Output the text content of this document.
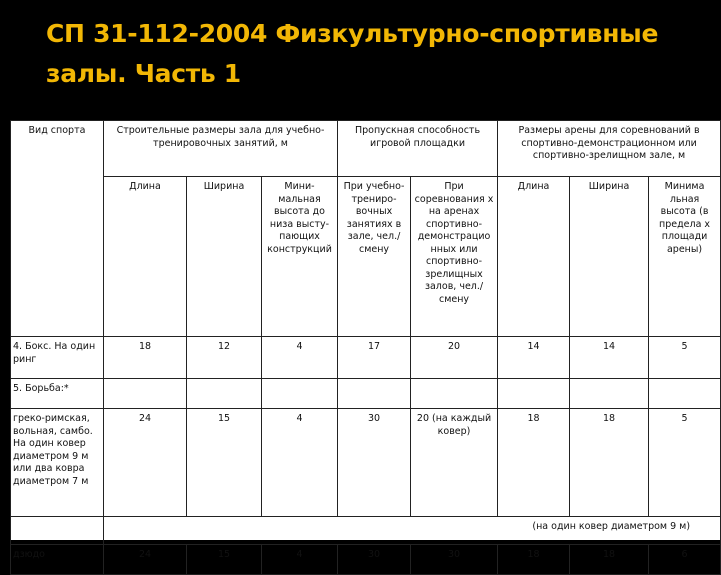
СП 31-112-2004 Физкультурно-спортивные залы. Часть 1
Вид спорта	Строительные размеры зала для учебно-тренировочных занятий, м			Пропускная способность игровой площадки		Размеры арены для соревнований в спортивно-демонстрационном или спортивно-зрелищном зале, м		
	Длина	Ширина	Мини-мальная высота до низа высту-пающих конструкций	При учебно-трениро-вочных занятиях в зале, чел./смену	При соревнования х на аренах спортивно-демонстрацио нных или спортивно-зрелищных залов, чел./смену	Длина	Ширина	Минима льная высота (в предела х площади арены)
4. Бокс. На один ринг	18	12	4	17	20	14	14	5
5. Борьба:*								
греко-римская, вольная, самбо. На один ковер диаметром 9 м или два ковра диаметром 7 м	24	15	4	30	20 (на каждый ковер)	18	18	5
	(на один ковер диаметром 9 м)							
дзюдо	24	15	4	30	30	18	18	6
